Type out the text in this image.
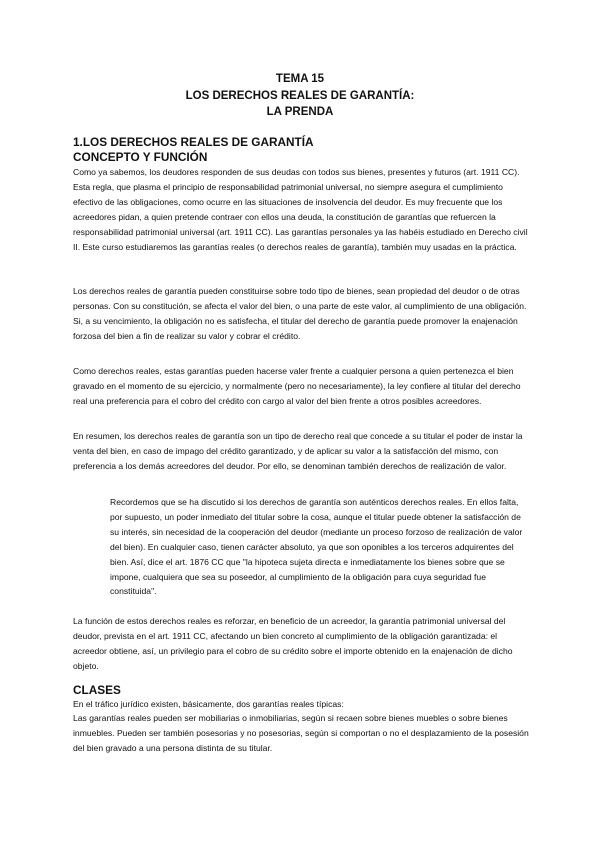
TEMA 15
LOS DERECHOS REALES DE GARANTÍA:
LA PRENDA
1.LOS DERECHOS REALES DE GARANTÍA
CONCEPTO Y FUNCIÓN

Como ya sabemos, los deudores responden de sus deudas con todos sus bienes, presentes y futuros (art. 1911 CC). Esta regla, que plasma el principio de responsabilidad patrimonial universal, no siempre asegura el cumplimiento efectivo de las obligaciones, como ocurre en las situaciones de insolvencia del deudor. Es muy frecuente que los acreedores pidan, a quien pretende contraer con ellos una deuda, la constitución de garantías que refuercen la responsabilidad patrimonial universal (art. 1911 CC). Las garantías personales ya las habéis estudiado en Derecho civil II. Este curso estudiaremos las garantías reales (o derechos reales de garantía), también muy usadas en la práctica.

Los derechos reales de garantía pueden constituirse sobre todo tipo de bienes, sean propiedad del deudor o de otras personas. Con su constitución, se afecta el valor del bien, o una parte de este valor, al cumplimiento de una obligación. Si, a su vencimiento, la obligación no es satisfecha, el titular del derecho de garantía puede promover la enajenación forzosa del bien a fin de realizar su valor y cobrar el crédito.

Como derechos reales, estas garantías pueden hacerse valer frente a cualquier persona a quien pertenezca el bien gravado en el momento de su ejercicio, y normalmente (pero no necesariamente), la ley confiere al titular del derecho real una preferencia para el cobro del crédito con cargo al valor del bien frente a otros posibles acreedores.

En resumen, los derechos reales de garantía son un tipo de derecho real que concede a su titular el poder de instar la venta del bien, en caso de impago del crédito garantizado, y de aplicar su valor a la satisfacción del mismo, con preferencia a los demás acreedores del deudor. Por ello, se denominan también derechos de realización de valor.

Recordemos que se ha discutido si los derechos de garantía son auténticos derechos reales. En ellos falta, por supuesto, un poder inmediato del titular sobre la cosa, aunque el titular puede obtener la satisfacción de su interés, sin necesidad de la cooperación del deudor (mediante un proceso forzoso de realización de valor del bien). En cualquier caso, tienen carácter absoluto, ya que son oponibles a los terceros adquirentes del bien. Así, dice el art. 1876 CC que "la hipoteca sujeta directa e inmediatamente los bienes sobre que se impone, cualquiera que sea su poseedor, al cumplimiento de la obligación para cuya seguridad fue constituida".

La función de estos derechos reales es reforzar, en beneficio de un acreedor, la garantía patrimonial universal del deudor, prevista en el art. 1911 CC, afectando un bien concreto al cumplimiento de la obligación garantizada: el acreedor obtiene, así, un privilegio para el cobro de su crédito sobre el importe obtenido en la enajenación de dicho objeto.

CLASES

En el tráfico jurídico existen, básicamente, dos garantías reales típicas:

Las garantías reales pueden ser mobiliarias o inmobiliarias, según si recaen sobre bienes muebles o sobre bienes inmuebles. Pueden ser también posesorias y no posesorias, según si comportan o no el desplazamiento de la posesión del bien gravado a una persona distinta de su titular.
